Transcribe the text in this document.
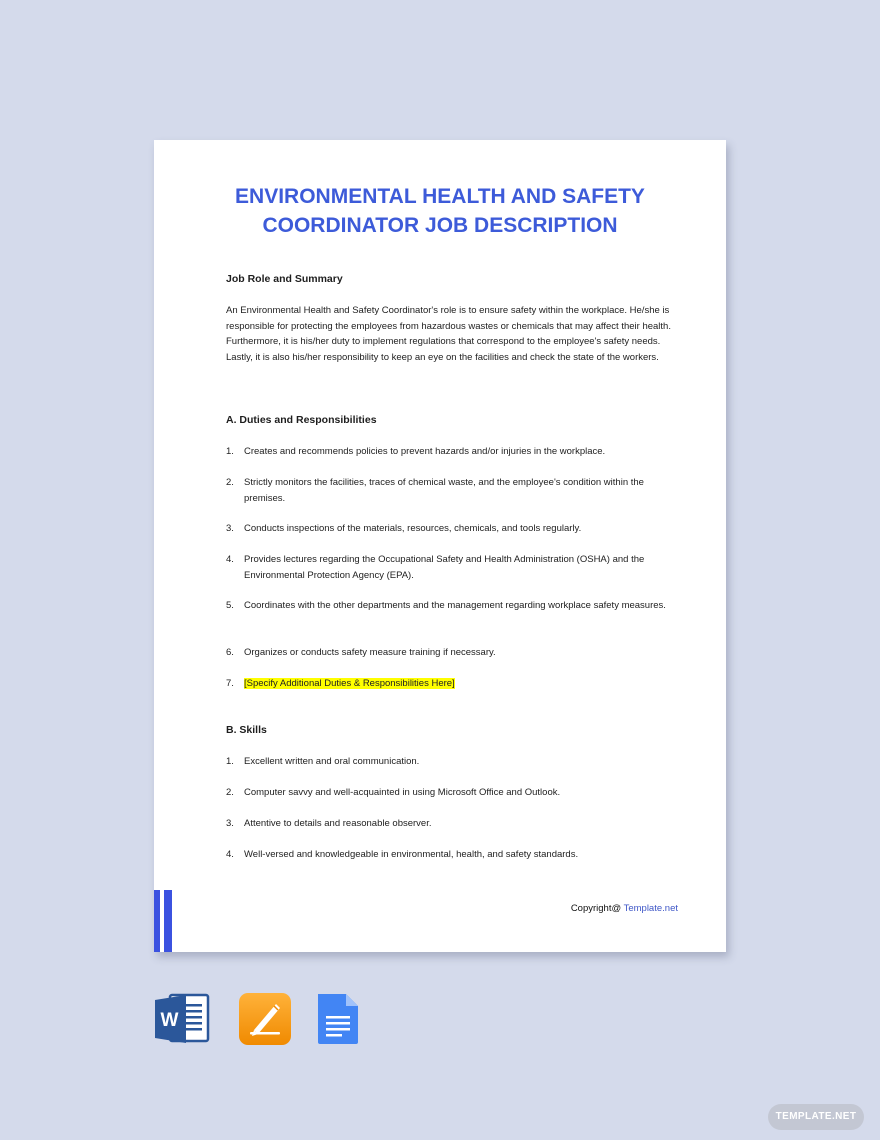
ENVIRONMENTAL HEALTH AND SAFETY
COORDINATOR JOB DESCRIPTION

Job Role and Summary

An Environmental Health and Safety Coordinator's role is to ensure safety within the workplace. He/she is responsible for protecting the employees from hazardous wastes or chemicals that may affect their health. Furthermore, it is his/her duty to implement regulations that correspond to the employee's safety needs. Lastly, it is also his/her responsibility to keep an eye on the facilities and check the state of the workers.

A. Duties and Responsibilities

1. Creates and recommends policies to prevent hazards and/or injuries in the workplace.
2. Strictly monitors the facilities, traces of chemical waste, and the employee's condition within the premises.
3. Conducts inspections of the materials, resources, chemicals, and tools regularly.
4. Provides lectures regarding the Occupational Safety and Health Administration (OSHA) and the Environmental Protection Agency (EPA).
5. Coordinates with the other departments and the management regarding workplace safety measures.
6. Organizes or conducts safety measure training if necessary.
7. [Specify Additional Duties & Responsibilities Here]

B. Skills

1. Excellent written and oral communication.
2. Computer savvy and well-acquainted in using Microsoft Office and Outlook.
3. Attentive to details and reasonable observer.
4. Well-versed and knowledgeable in environmental, health, and safety standards.
Copyright@ Template.net
W
TEMPLATE.NET
